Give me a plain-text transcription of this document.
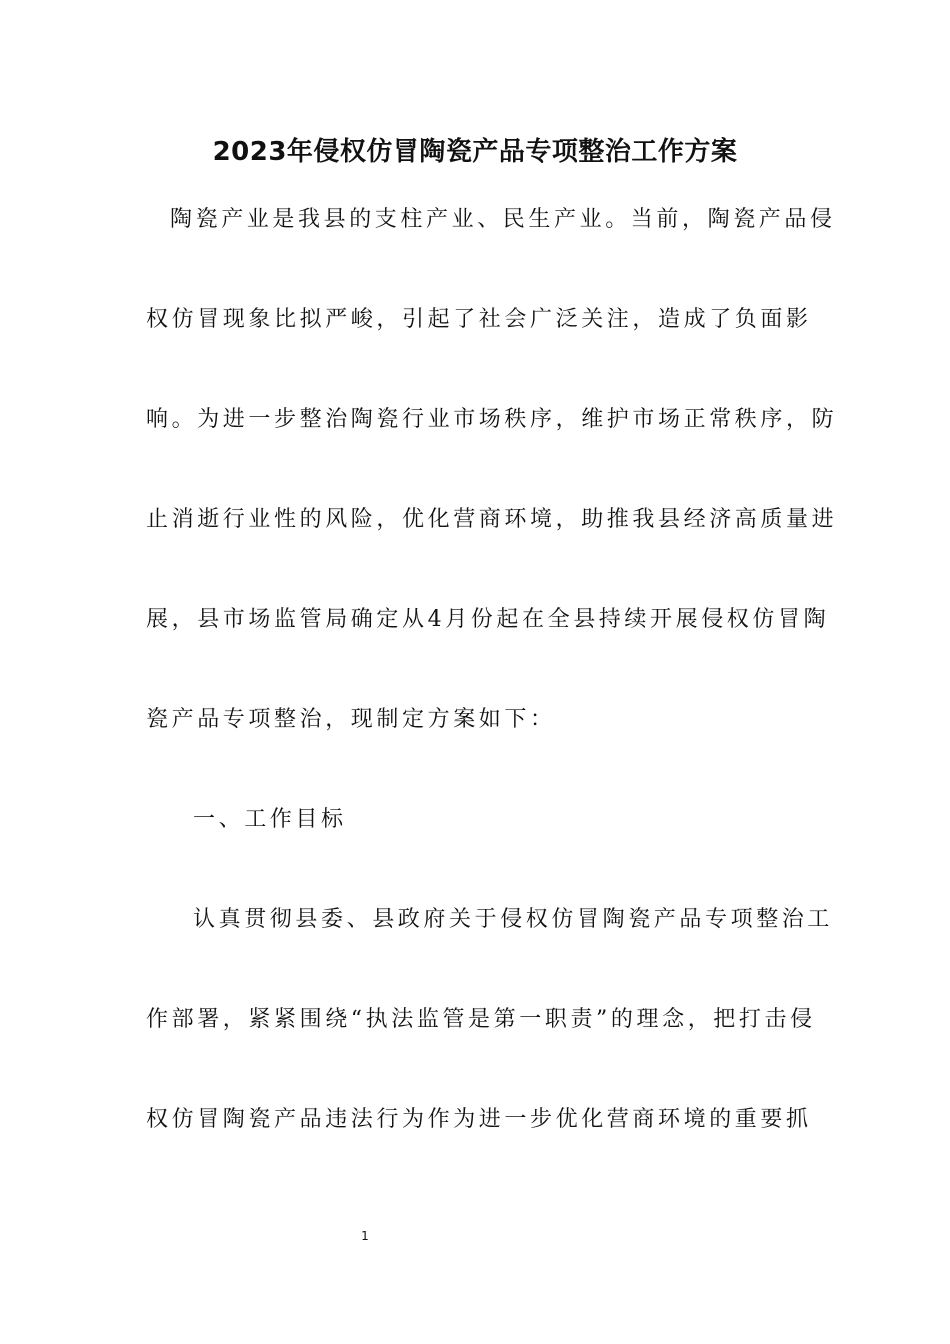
2023年侵权仿冒陶瓷产品专项整治工作方案
陶瓷产业是我县的支柱产业、民生产业。当前，陶瓷产品侵
权仿冒现象比拟严峻，引起了社会广泛关注，造成了负面影
响。为进一步整治陶瓷行业市场秩序，维护市场正常秩序，防
止消逝行业性的风险，优化营商环境，助推我县经济高质量进
展，县市场监管局确定从4月份起在全县持续开展侵权仿冒陶
瓷产品专项整治，现制定方案如下：
一、工作目标
认真贯彻县委、县政府关于侵权仿冒陶瓷产品专项整治工
作部署，紧紧围绕“执法监管是第一职责”的理念，把打击侵
权仿冒陶瓷产品违法行为作为进一步优化营商环境的重要抓
1
